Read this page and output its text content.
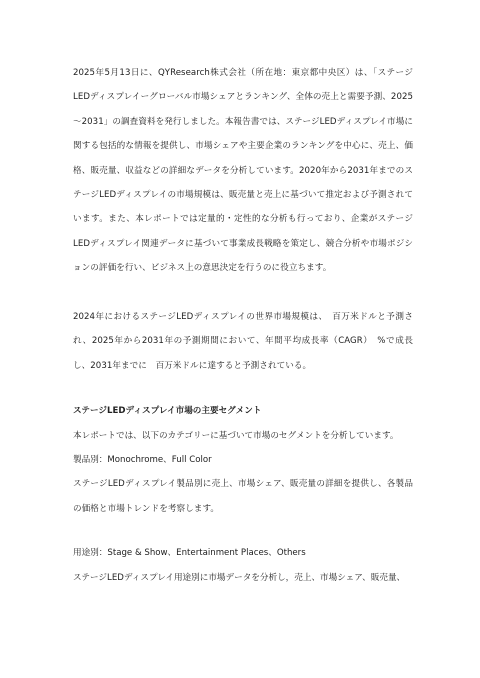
2025年5月13日に、QYResearch株式会社（所在地：東京都中央区）は、「ステージLEDディスプレイーグローバル市場シェアとランキング、全体の売上と需要予測、2025～2031」の調査資料を発行しました。本報告書では、ステージLEDディスプレイ市場に関する包括的な情報を提供し、市場シェアや主要企業のランキングを中心に、売上、価格、販売量、収益などの詳細なデータを分析しています。2020年から2031年までのステージLEDディスプレイの市場規模は、販売量と売上に基づいて推定および予測されています。また、本レポートでは定量的・定性的な分析も行っており、企業がステージLEDディスプレイ関連データに基づいて事業成長戦略を策定し、競合分析や市場ポジションの評価を行い、ビジネス上の意思決定を行うのに役立ちます。

2024年におけるステージLEDディスプレイの世界市場規模は、　百万米ドルと予測され、2025年から2031年の予測期間において、年間平均成長率（CAGR）　%で成長し、2031年までに　百万米ドルに達すると予測されている。

ステージLEDディスプレイ市場の主要セグメント

本レポートでは、以下のカテゴリーに基づいて市場のセグメントを分析しています。

製品別：Monochrome、Full Color

ステージLEDディスプレイ製品別に売上、市場シェア、販売量の詳細を提供し、各製品の価格と市場トレンドを考察します。

用途別：Stage & Show、Entertainment Places、Others

ステージLEDディスプレイ用途別に市場データを分析し，売上、市場シェア、販売量、
